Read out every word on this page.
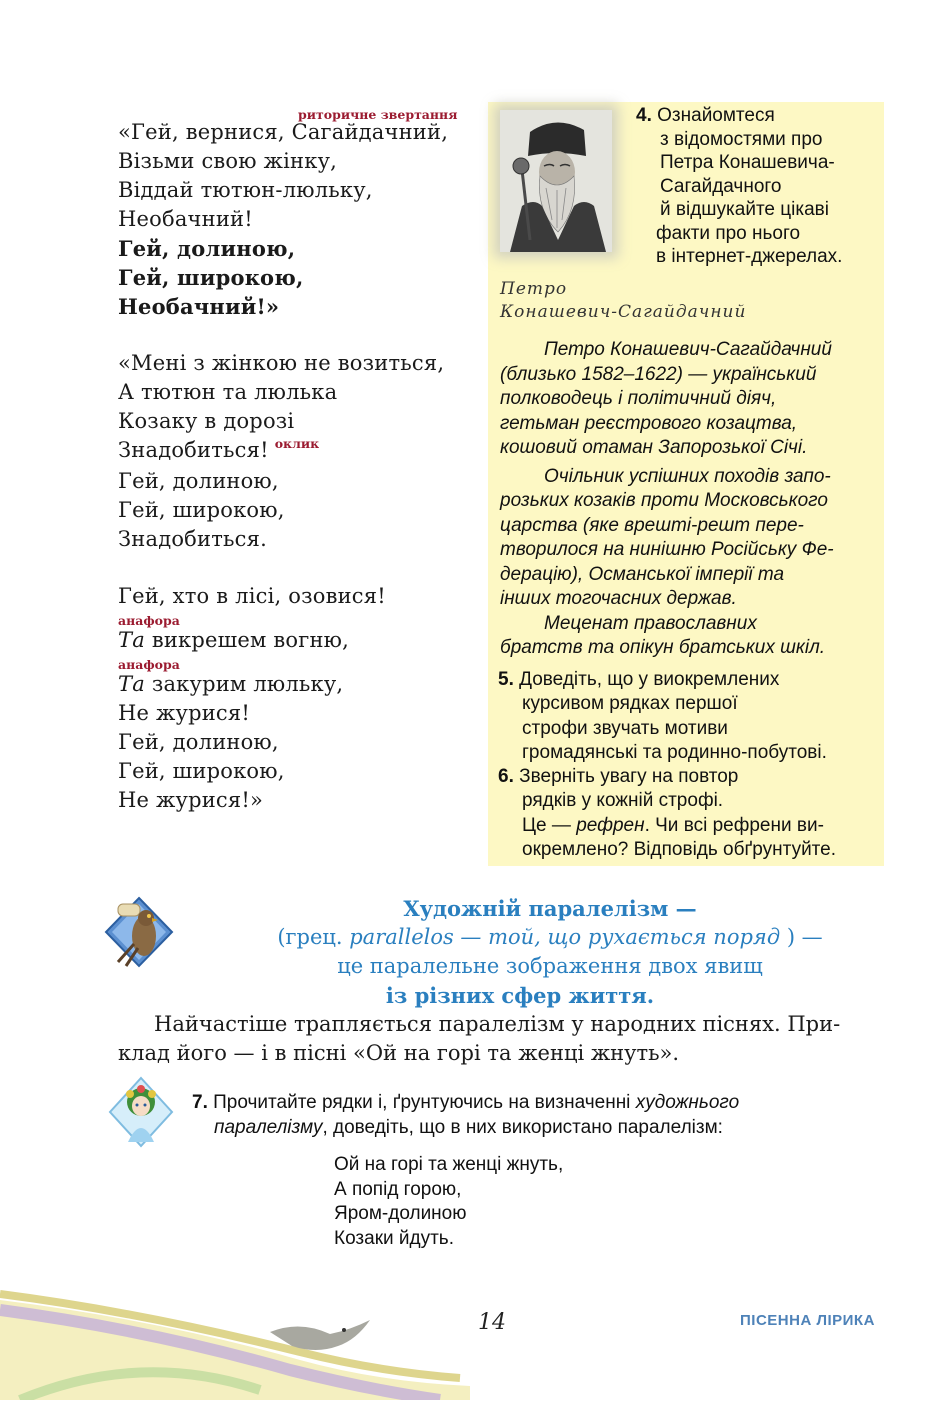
риторичне звертання
«Гей, вернися, Сагайдачний,
Візьми свою жінку,
Віддай тютюн-люльку,
Необачний!
Гей, долиною,
Гей, широкою,
Необачний!»
«Мені з жінкою не возиться,
А тютюн та люлька
Козаку в дорозі
Знадобиться! $^{оклик}$
Гей, долиною,
Гей, широкою,
Знадобиться.
Гей, хто в лісі, озовися!
анафора
Та викрешем вогню,
анафора
Та закурим люльку,
Не журися!
Гей, долиною,
Гей, широкою,
Не журися!»
4. Ознайомтеся
з відомостями про
Петра Конашевича-
Сагайдачного
й відшукайте цікаві
факти про нього
в інтернет-джерелах.
Петро
Конашевич-Сагайдачний
Петро Конашевич-Сагайдачний
(близько 1582–1622) — український
полководець і політичний діяч,
гетьман реєстрового козацтва,
кошовий отаман Запорозької Січі.
Очільник успішних походів запо-
розьких козаків проти Московського
царства (яке врешті-решт пере-
творилося на нинішню Російську Фе-
дерацію), Османської імперії та
інших тогочасних держав.
Меценат православних
братств та опікун братських шкіл.
5. Доведіть, що у виокремлених
курсивом рядках першої
строфи звучать мотиви
громадянські та родинно-побутові.
6. Зверніть увагу на повтор
рядків у кожній строфі.
Це — рефрен. Чи всі рефрени ви-
окремлено? Відповідь обґрунтуйте.
Художній паралелізм —
(грец. parallelos — той, що рухається поряд ) —
це паралельне зображення двох явищ
із різних сфер життя.
Найчастіше трапляється паралелізм у народних піснях. При-
клад його — і в пісні «Ой на горі та женці жнуть».
7. Прочитайте рядки і, ґрунтуючись на визначенні художнього
паралелізму, доведіть, що в них використано паралелізм:
Ой на горі та женці жнуть,
А попід горою,
Яром-долиною
Козаки йдуть.
14	ПІСЕННА ЛІРИКА
